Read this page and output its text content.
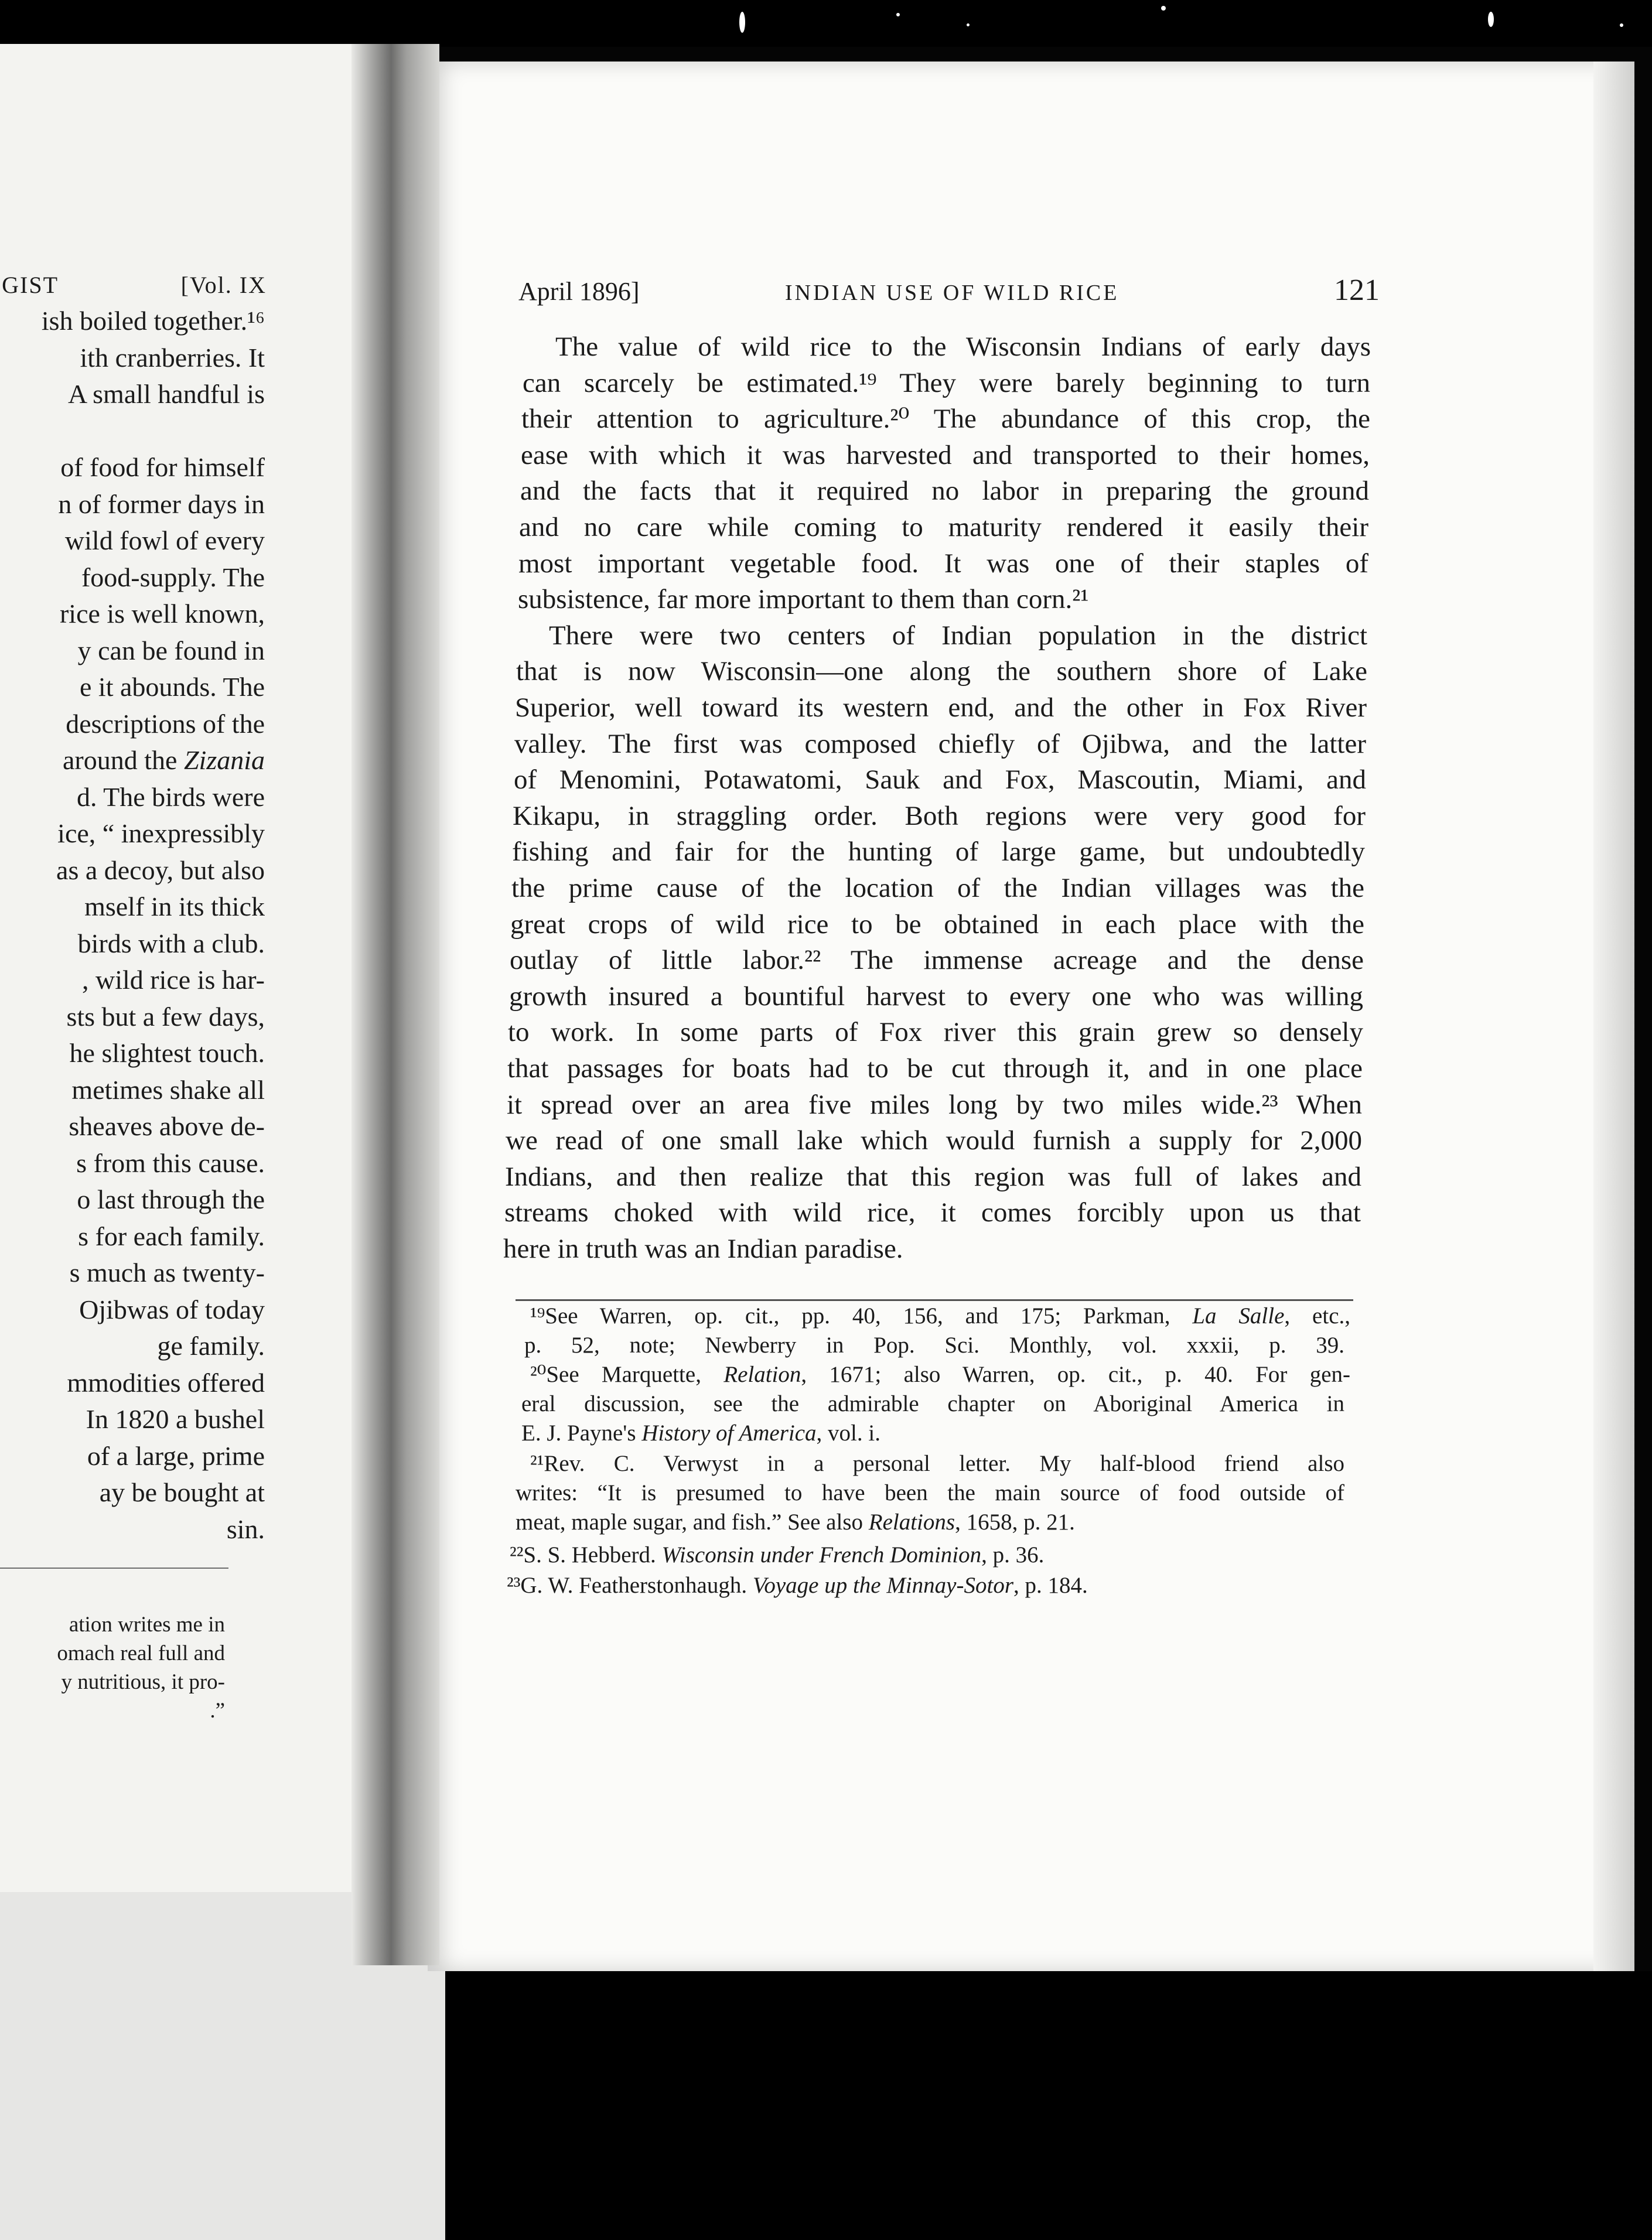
GIST	[Vol. IX
ish boiled together.¹⁶
ith cranberries. It
A small handful is
of food for himself
n of former days in
wild fowl of every
food-supply. The
rice is well known,
y can be found in
e it abounds. The
descriptions of the
around the Zizania
d. The birds were
ice, “ inexpressibly
as a decoy, but also
mself in its thick
birds with a club.
, wild rice is har-
sts but a few days,
he slightest touch.
metimes shake all
sheaves above de-
s from this cause.
o last through the
s for each family.
s much as twenty-
Ojibwas of today
ge family.
mmodities offered
In 1820 a bushel
of a large, prime
ay be bought at
sin.
ation writes me in
omach real full and
y nutritious, it pro-
.”
April 1896]	INDIAN USE OF WILD RICE	121
The value of wild rice to the Wisconsin Indians of early days
can scarcely be estimated.¹⁹ They were barely beginning to turn
their attention to agriculture.²⁰ The abundance of this crop, the
ease with which it was harvested and transported to their homes,
and the facts that it required no labor in preparing the ground
and no care while coming to maturity rendered it easily their
most important vegetable food. It was one of their staples of
subsistence, far more important to them than corn.²¹
There were two centers of Indian population in the district
that is now Wisconsin—one along the southern shore of Lake
Superior, well toward its western end, and the other in Fox River
valley. The first was composed chiefly of Ojibwa, and the latter
of Menomini, Potawatomi, Sauk and Fox, Mascoutin, Miami, and
Kikapu, in straggling order. Both regions were very good for
fishing and fair for the hunting of large game, but undoubtedly
the prime cause of the location of the Indian villages was the
great crops of wild rice to be obtained in each place with the
outlay of little labor.²² The immense acreage and the dense
growth insured a bountiful harvest to every one who was willing
to work. In some parts of Fox river this grain grew so densely
that passages for boats had to be cut through it, and in one place
it spread over an area five miles long by two miles wide.²³ When
we read of one small lake which would furnish a supply for 2,000
Indians, and then realize that this region was full of lakes and
streams choked with wild rice, it comes forcibly upon us that
here in truth was an Indian paradise.
¹⁹See Warren, op. cit., pp. 40, 156, and 175; Parkman, La Salle, etc.,
p. 52, note; Newberry in Pop. Sci. Monthly, vol. xxxii, p. 39.
²⁰See Marquette, Relation, 1671; also Warren, op. cit., p. 40. For gen-
eral discussion, see the admirable chapter on Aboriginal America in
E. J. Payne's History of America, vol. i.
²¹Rev. C. Verwyst in a personal letter. My half-blood friend also
writes: “It is presumed to have been the main source of food outside of
meat, maple sugar, and fish.” See also Relations, 1658, p. 21.
²²S. S. Hebberd. Wisconsin under French Dominion, p. 36.
²³G. W. Featherstonhaugh. Voyage up the Minnay-Sotor, p. 184.
